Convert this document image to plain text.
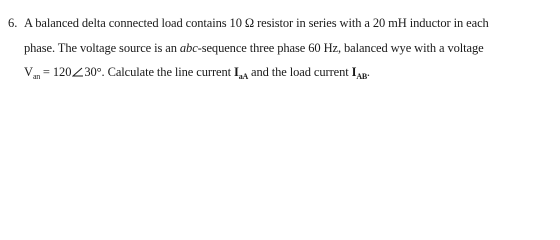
6. A balanced delta connected load contains 10 Ω resistor in series with a 20 mH inductor in each
phase. The voltage source is an abc-sequence three phase 60 Hz, balanced wye with a voltage
$V_{an} = 120$ 30°. Calculate the line current $I_{aA}$ and the load current $I_{AB}$.
